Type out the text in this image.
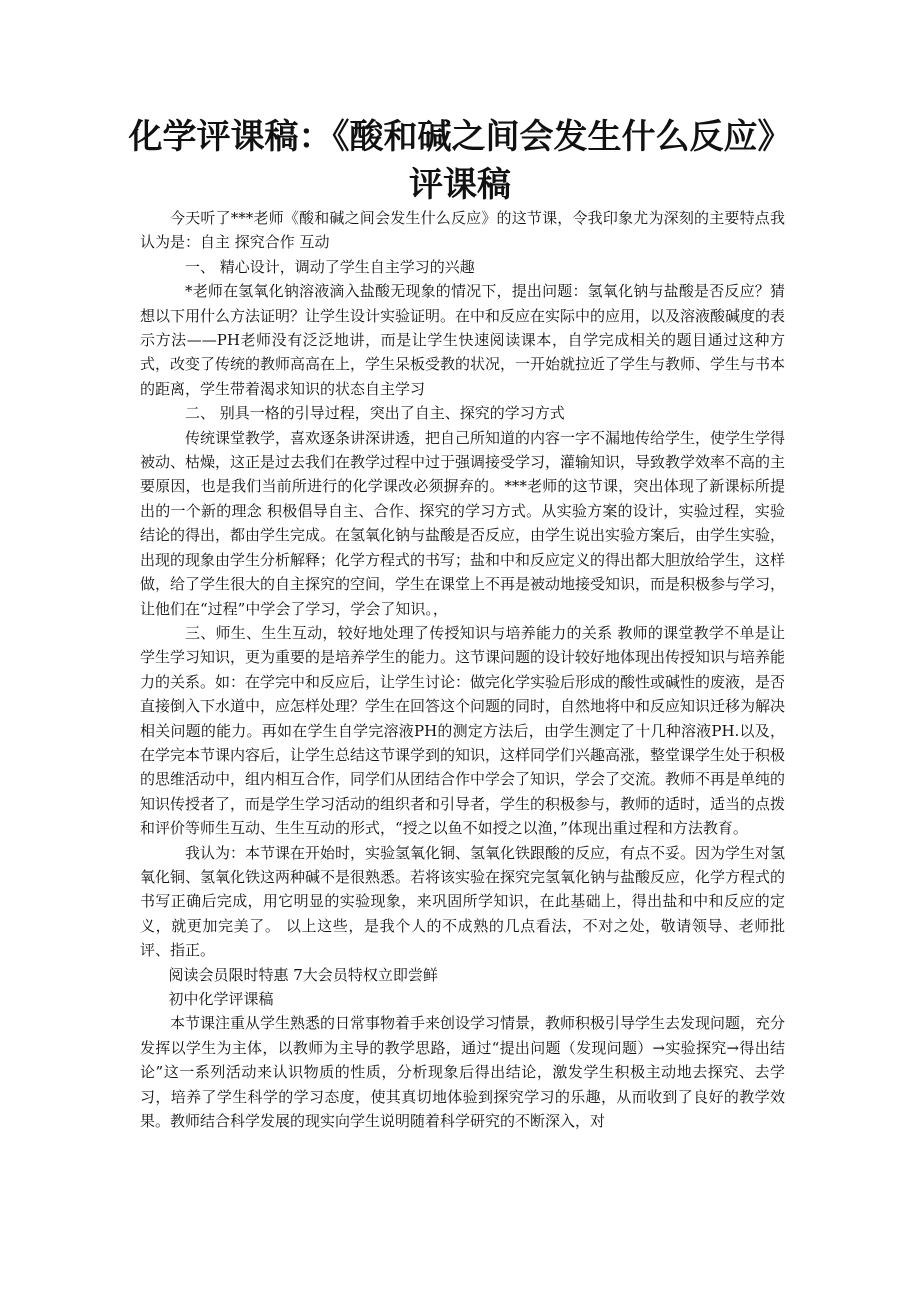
化学评课稿：《酸和碱之间会发生什么反应》
评课稿

今天听了***老师《酸和碱之间会发生什么反应》的这节课，令我印象尤为深刻的主要特点我认为是：自主 探究合作 互动

一、 精心设计，调动了学生自主学习的兴趣

*老师在氢氧化钠溶液滴入盐酸无现象的情况下，提出问题：氢氧化钠与盐酸是否反应？猜想以下用什么方法证明？让学生设计实验证明。在中和反应在实际中的应用，以及溶液酸碱度的表示方法——PH老师没有泛泛地讲，而是让学生快速阅读课本，自学完成相关的题目通过这种方式，改变了传统的教师高高在上，学生呆板受教的状况，一开始就拉近了学生与教师、学生与书本的距离，学生带着渴求知识的状态自主学习

二、 别具一格的引导过程，突出了自主、探究的学习方式

传统课堂教学，喜欢逐条讲深讲透，把自己所知道的内容一字不漏地传给学生，使学生学得被动、枯燥，这正是过去我们在教学过程中过于强调接受学习，灌输知识，导致教学效率不高的主要原因，也是我们当前所进行的化学课改必须摒弃的。***老师的这节课，突出体现了新课标所提出的一个新的理念 积极倡导自主、合作、探究的学习方式。从实验方案的设计，实验过程，实验结论的得出，都由学生完成。在氢氧化钠与盐酸是否反应，由学生说出实验方案后，由学生实验，出现的现象由学生分析解释；化学方程式的书写；盐和中和反应定义的得出都大胆放给学生，这样做，给了学生很大的自主探究的空间，学生在课堂上不再是被动地接受知识，而是积极参与学习，让他们在“过程”中学会了学习，学会了知识。，

三、师生、生生互动，较好地处理了传授知识与培养能力的关系 教师的课堂教学不单是让学生学习知识，更为重要的是培养学生的能力。这节课问题的设计较好地体现出传授知识与培养能力的关系。如：在学完中和反应后，让学生讨论：做完化学实验后形成的酸性或碱性的废液，是否直接倒入下水道中，应怎样处理？学生在回答这个问题的同时，自然地将中和反应知识迁移为解决相关问题的能力。再如在学生自学完溶液PH的测定方法后，由学生测定了十几种溶液PH.以及，在学完本节课内容后，让学生总结这节课学到的知识，这样同学们兴趣高涨，整堂课学生处于积极的思维活动中，组内相互合作，同学们从团结合作中学会了知识，学会了交流。教师不再是单纯的知识传授者了，而是学生学习活动的组织者和引导者，学生的积极参与，教师的适时，适当的点拨和评价等师生互动、生生互动的形式，“授之以鱼不如授之以渔，”体现出重过程和方法教育。

我认为：本节课在开始时，实验氢氧化铜、氢氧化铁跟酸的反应，有点不妥。因为学生对氢氧化铜、氢氧化铁这两种碱不是很熟悉。若将该实验在探究完氢氧化钠与盐酸反应，化学方程式的书写正确后完成，用它明显的实验现象，来巩固所学知识，在此基础上，得出盐和中和反应的定义，就更加完美了。 以上这些，是我个人的不成熟的几点看法，不对之处，敬请领导、老师批评、指正。

阅读会员限时特惠 7大会员特权立即尝鲜

初中化学评课稿

本节课注重从学生熟悉的日常事物着手来创设学习情景，教师积极引导学生去发现问题，充分发挥以学生为主体，以教师为主导的教学思路，通过“提出问题（发现问题）→实验探究→得出结论”这一系列活动来认识物质的性质，分析现象后得出结论，激发学生积极主动地去探究、去学习，培养了学生科学的学习态度，使其真切地体验到探究学习的乐趣，从而收到了良好的教学效果。教师结合科学发展的现实向学生说明随着科学研究的不断深入，对
